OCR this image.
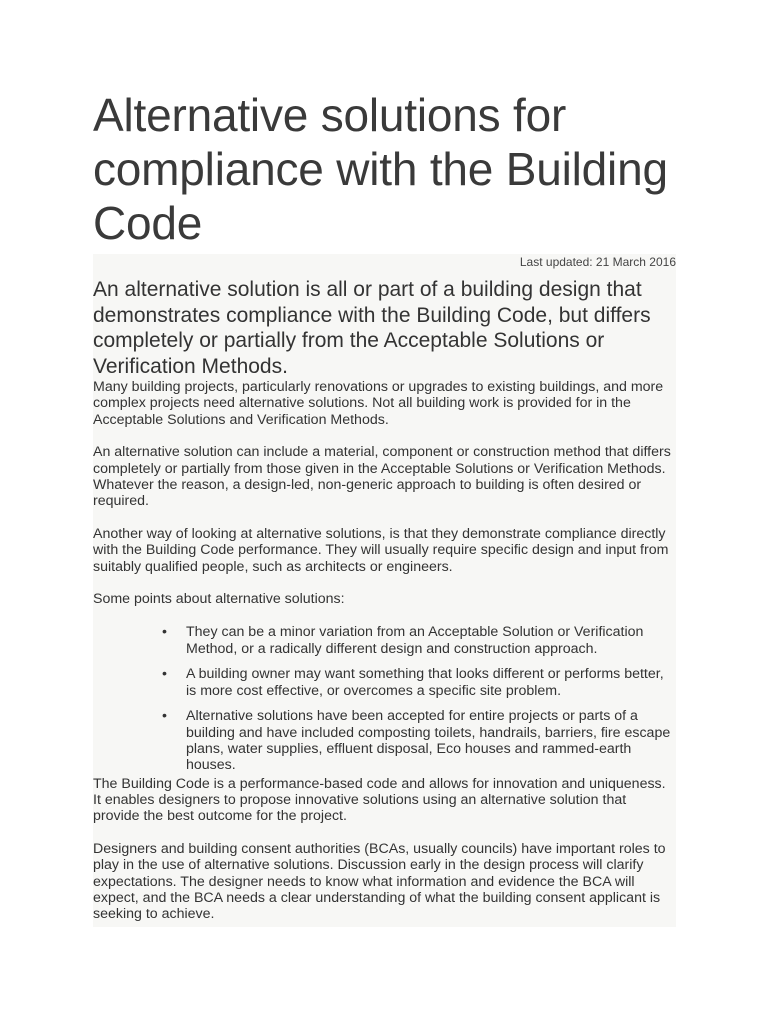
Alternative solutions for compliance with the Building Code
Last updated: 21 March 2016

An alternative solution is all or part of a building design that demonstrates compliance with the Building Code, but differs completely or partially from the Acceptable Solutions or Verification Methods.

Many building projects, particularly renovations or upgrades to existing buildings, and more complex projects need alternative solutions. Not all building work is provided for in the Acceptable Solutions and Verification Methods.

An alternative solution can include a material, component or construction method that differs completely or partially from those given in the Acceptable Solutions or Verification Methods. Whatever the reason, a design-led, non-generic approach to building is often desired or required.

Another way of looking at alternative solutions, is that they demonstrate compliance directly with the Building Code performance. They will usually require specific design and input from suitably qualified people, such as architects or engineers.

Some points about alternative solutions:

• They can be a minor variation from an Acceptable Solution or Verification Method, or a radically different design and construction approach.
• A building owner may want something that looks different or performs better, is more cost effective, or overcomes a specific site problem.
• Alternative solutions have been accepted for entire projects or parts of a building and have included composting toilets, handrails, barriers, fire escape plans, water supplies, effluent disposal, Eco houses and rammed-earth houses.

The Building Code is a performance-based code and allows for innovation and uniqueness. It enables designers to propose innovative solutions using an alternative solution that provide the best outcome for the project.

Designers and building consent authorities (BCAs, usually councils) have important roles to play in the use of alternative solutions. Discussion early in the design process will clarify expectations. The designer needs to know what information and evidence the BCA will expect, and the BCA needs a clear understanding of what the building consent applicant is seeking to achieve.
